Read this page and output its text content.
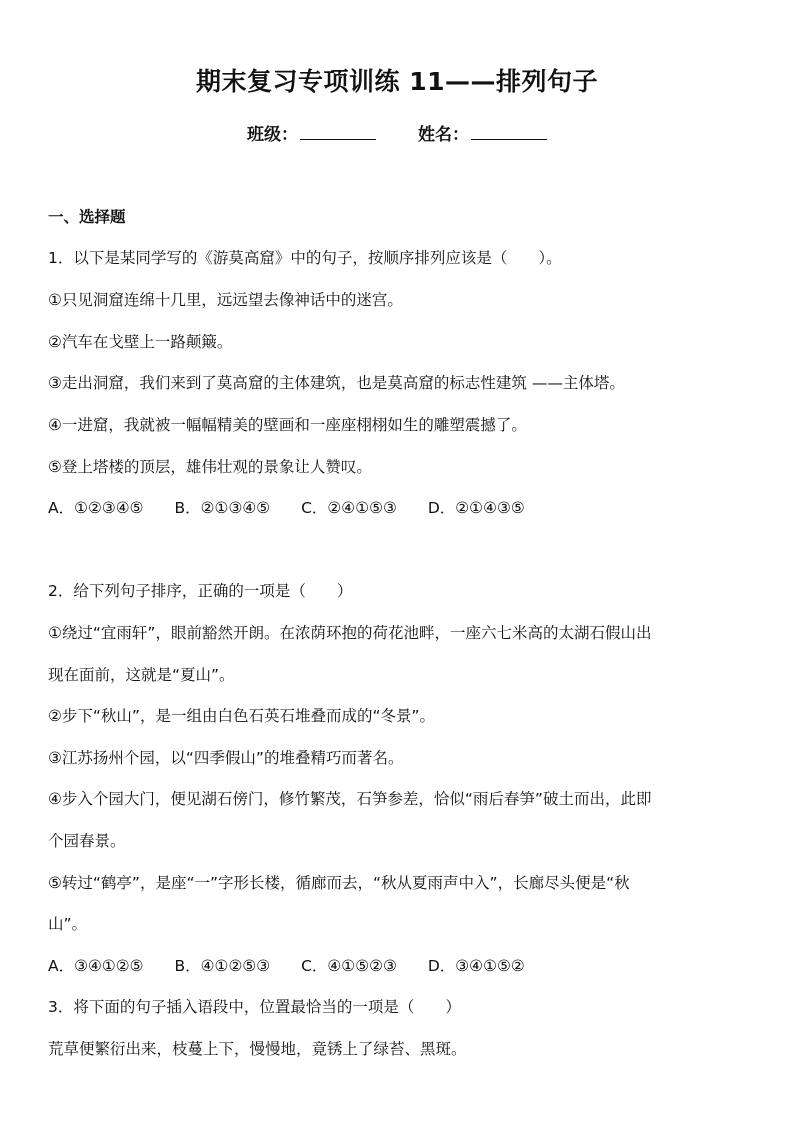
期末复习专项训练 11——排列句子
班级：	姓名：
一、选择题
1．以下是某同学写的《游莫高窟》中的句子，按顺序排列应该是（　　）。
①只见洞窟连绵十几里，远远望去像神话中的迷宫。
②汽车在戈壁上一路颠簸。
③走出洞窟，我们来到了莫高窟的主体建筑，也是莫高窟的标志性建筑 ——主体塔。
④一进窟，我就被一幅幅精美的壁画和一座座栩栩如生的雕塑震撼了。
⑤登上塔楼的顶层，雄伟壮观的景象让人赞叹。
A．①②③④⑤ B．②①③④⑤ C．②④①⑤③ D．②①④③⑤
2．给下列句子排序，正确的一项是（　　）
①绕过“宜雨轩”，眼前豁然开朗。在浓荫环抱的荷花池畔，一座六七米高的太湖石假山出
现在面前，这就是“夏山”。
②步下“秋山”，是一组由白色石英石堆叠而成的“冬景”。
③江苏扬州个园，以“四季假山”的堆叠精巧而著名。
④步入个园大门，便见湖石傍门，修竹繁茂，石笋参差，恰似“雨后春笋”破土而出，此即
个园春景。
⑤转过“鹤亭”，是座“一”字形长楼，循廊而去，“秋从夏雨声中入”，长廊尽头便是“秋
山”。
A．③④①②⑤ B．④①②⑤③ C．④①⑤②③ D．③④①⑤②
3．将下面的句子插入语段中，位置最恰当的一项是（　　）
荒草便繁衍出来，枝蔓上下，慢慢地，竟锈上了绿苔、黑斑。
